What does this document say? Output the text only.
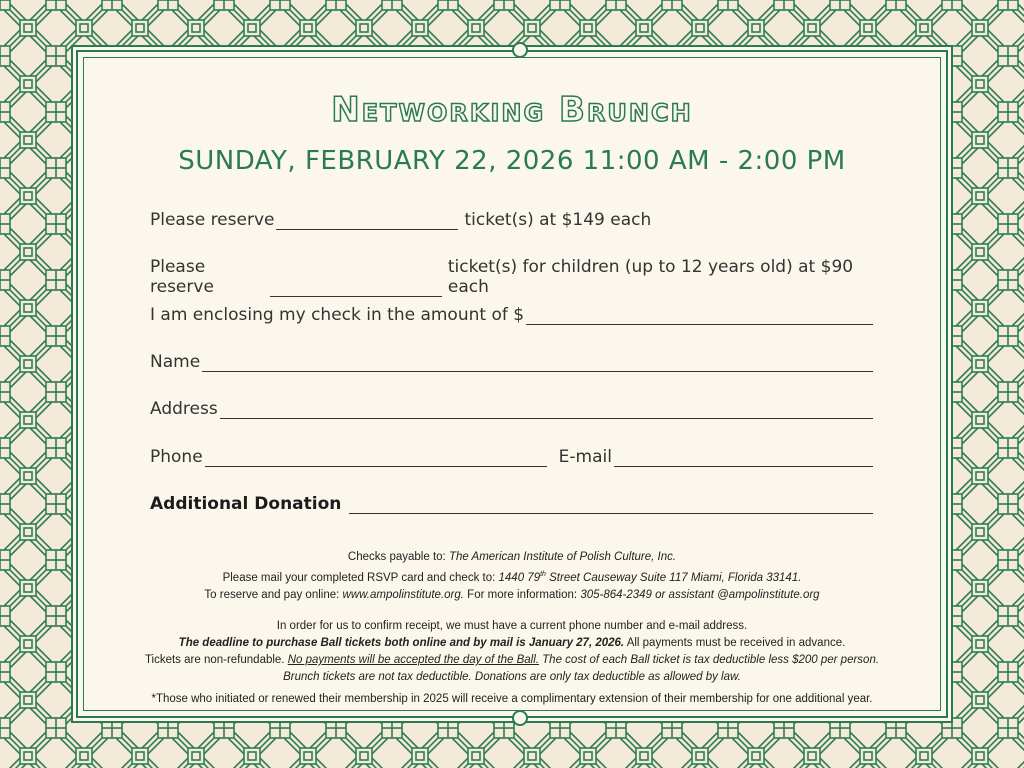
Networking Brunch
SUNDAY, FEBRUARY 22, 2026 11:00 AM - 2:00 PM
Please reserve	ticket(s) at $149 each
Please reserve
ticket(s) for children (up to 12 years old) at $90 each
I am enclosing my check in the amount of $
Name
Address
Phone	E-mail
Additional Donation

Checks payable to: The American Institute of Polish Culture, Inc.

Please mail your completed RSVP card and check to: 1440 79th Street Causeway Suite 117 Miami, Florida 33141.

To reserve and pay online: www.ampolinstitute.org. For more information: 305-864-2349 or assistant @ampolinstitute.org

In order for us to confirm receipt, we must have a current phone number and e-mail address.

The deadline to purchase Ball tickets both online and by mail is January 27, 2026. All payments must be received in advance.

Tickets are non-refundable. No payments will be accepted the day of the Ball. The cost of each Ball ticket is tax deductible less $200 per person.

Brunch tickets are not tax deductible. Donations are only tax deductible as allowed by law.

*Those who initiated or renewed their membership in 2025 will receive a complimentary extension of their membership for one additional year.
